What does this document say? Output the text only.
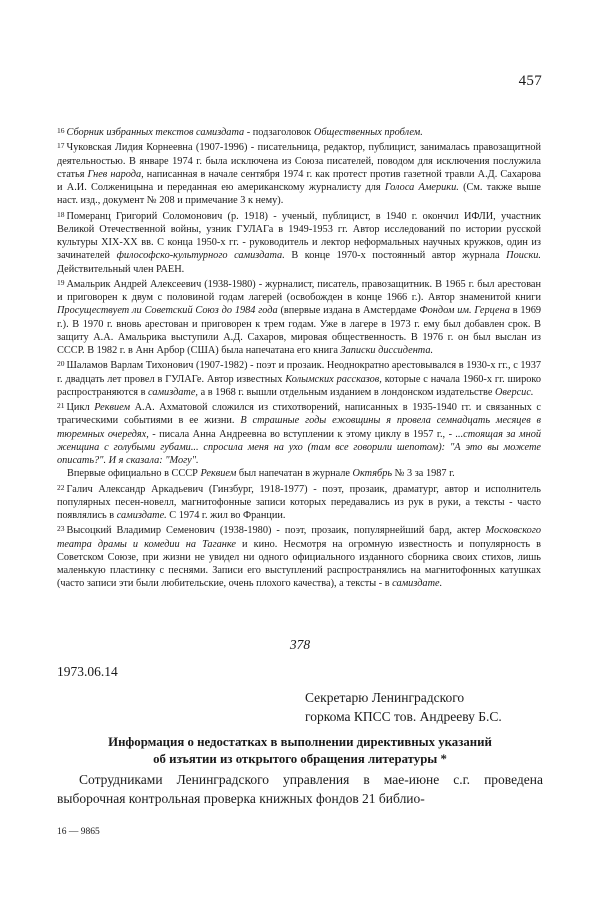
457

$^{16}$ Сборник избранных текстов самиздата - подзаголовок Общественных проблем.

$^{17}$ Чуковская Лидия Корнеевна (1907-1996) - писательница, редактор, публицист, занималась правозащитной деятельностью. В январе 1974 г. была исключена из Союза писателей, поводом для исключения послужила статья Гнев народа, написанная в начале сентября 1974 г. как протест против газетной травли А.Д. Сахарова и А.И. Солженицына и переданная ею американскому журналисту для Голоса Америки. (См. также выше наст. изд., документ № 208 и примечание 3 к нему).

$^{18}$ Померанц Григорий Соломонович (р. 1918) - ученый, публицист, в 1940 г. окончил ИФЛИ, участник Великой Отечественной войны, узник ГУЛАГа в 1949-1953 гг. Автор исследований по истории русской культуры XIX-XX вв. С конца 1950-х гг. - руководитель и лектор неформальных научных кружков, один из зачинателей философско-культурного самиздата. В конце 1970-х постоянный автор журнала Поиски. Действительный член РАЕН.

$^{19}$ Амальрик Андрей Алексеевич (1938-1980) - журналист, писатель, правозащитник. В 1965 г. был арестован и приговорен к двум с половиной годам лагерей (освобожден в конце 1966 г.). Автор знаменитой книги Просуществует ли Советский Союз до 1984 года (впервые издана в Амстердаме Фондом им. Герцена в 1969 г.). В 1970 г. вновь арестован и приговорен к трем годам. Уже в лагере в 1973 г. ему был добавлен срок. В защиту А.А. Амальрика выступили А.Д. Сахаров, мировая общественность. В 1976 г. он был выслан из СССР. В 1982 г. в Анн Арбор (США) была напечатана его книга Записки диссидента.

$^{20}$ Шаламов Варлам Тихонович (1907-1982) - поэт и прозаик. Неоднократно арестовывался в 1930-х гг., с 1937 г. двадцать лет провел в ГУЛАГе. Автор известных Колымских рассказов, которые с начала 1960-х гг. широко распространяются в самиздате, а в 1968 г. вышли отдельным изданием в лондонском издательстве Оверсис.

$^{21}$ Цикл Реквием А.А. Ахматовой сложился из стихотворений, написанных в 1935-1940 гг. и связанных с трагическими событиями в ее жизни. В страшные годы ежовщины я провела семнадцать месяцев в тюремных очередях, - писала Анна Андреевна во вступлении к этому циклу в 1957 г., - ...стоящая за мной женщина с голубыми губами... спросила меня на ухо (там все говорили шепотом): "А это вы можете описать?". И я сказала: "Могу".

Впервые официально в СССР Реквием был напечатан в журнале Октябрь № 3 за 1987 г.

$^{22}$ Галич Александр Аркадьевич (Гинзбург, 1918-1977) - поэт, прозаик, драматург, автор и исполнитель популярных песен-новелл, магнитофонные записи которых передавались из рук в руки, а тексты - часто появлялись в самиздате. С 1974 г. жил во Франции.

$^{23}$ Высоцкий Владимир Семенович (1938-1980) - поэт, прозаик, популярнейший бард, актер Московского театра драмы и комедии на Таганке и кино. Несмотря на огромную известность и популярность в Советском Союзе, при жизни не увидел ни одного официального изданного сборника своих стихов, лишь маленькую пластинку с песнями. Записи его выступлений распространялись на магнитофонных катушках (часто записи эти были любительские, очень плохого качества), а тексты - в самиздате.

378
1973.06.14
Секретарю Ленинградского
горкома КПСС тов. Андрееву Б.С.
Информация о недостатках в выполнении директивных указаний
об изъятии из открытого обращения литературы *

Сотрудниками Ленинградского управления в мае-июне с.г. проведена выборочная контрольная проверка книжных фондов 21 библио-

16 — 9865
